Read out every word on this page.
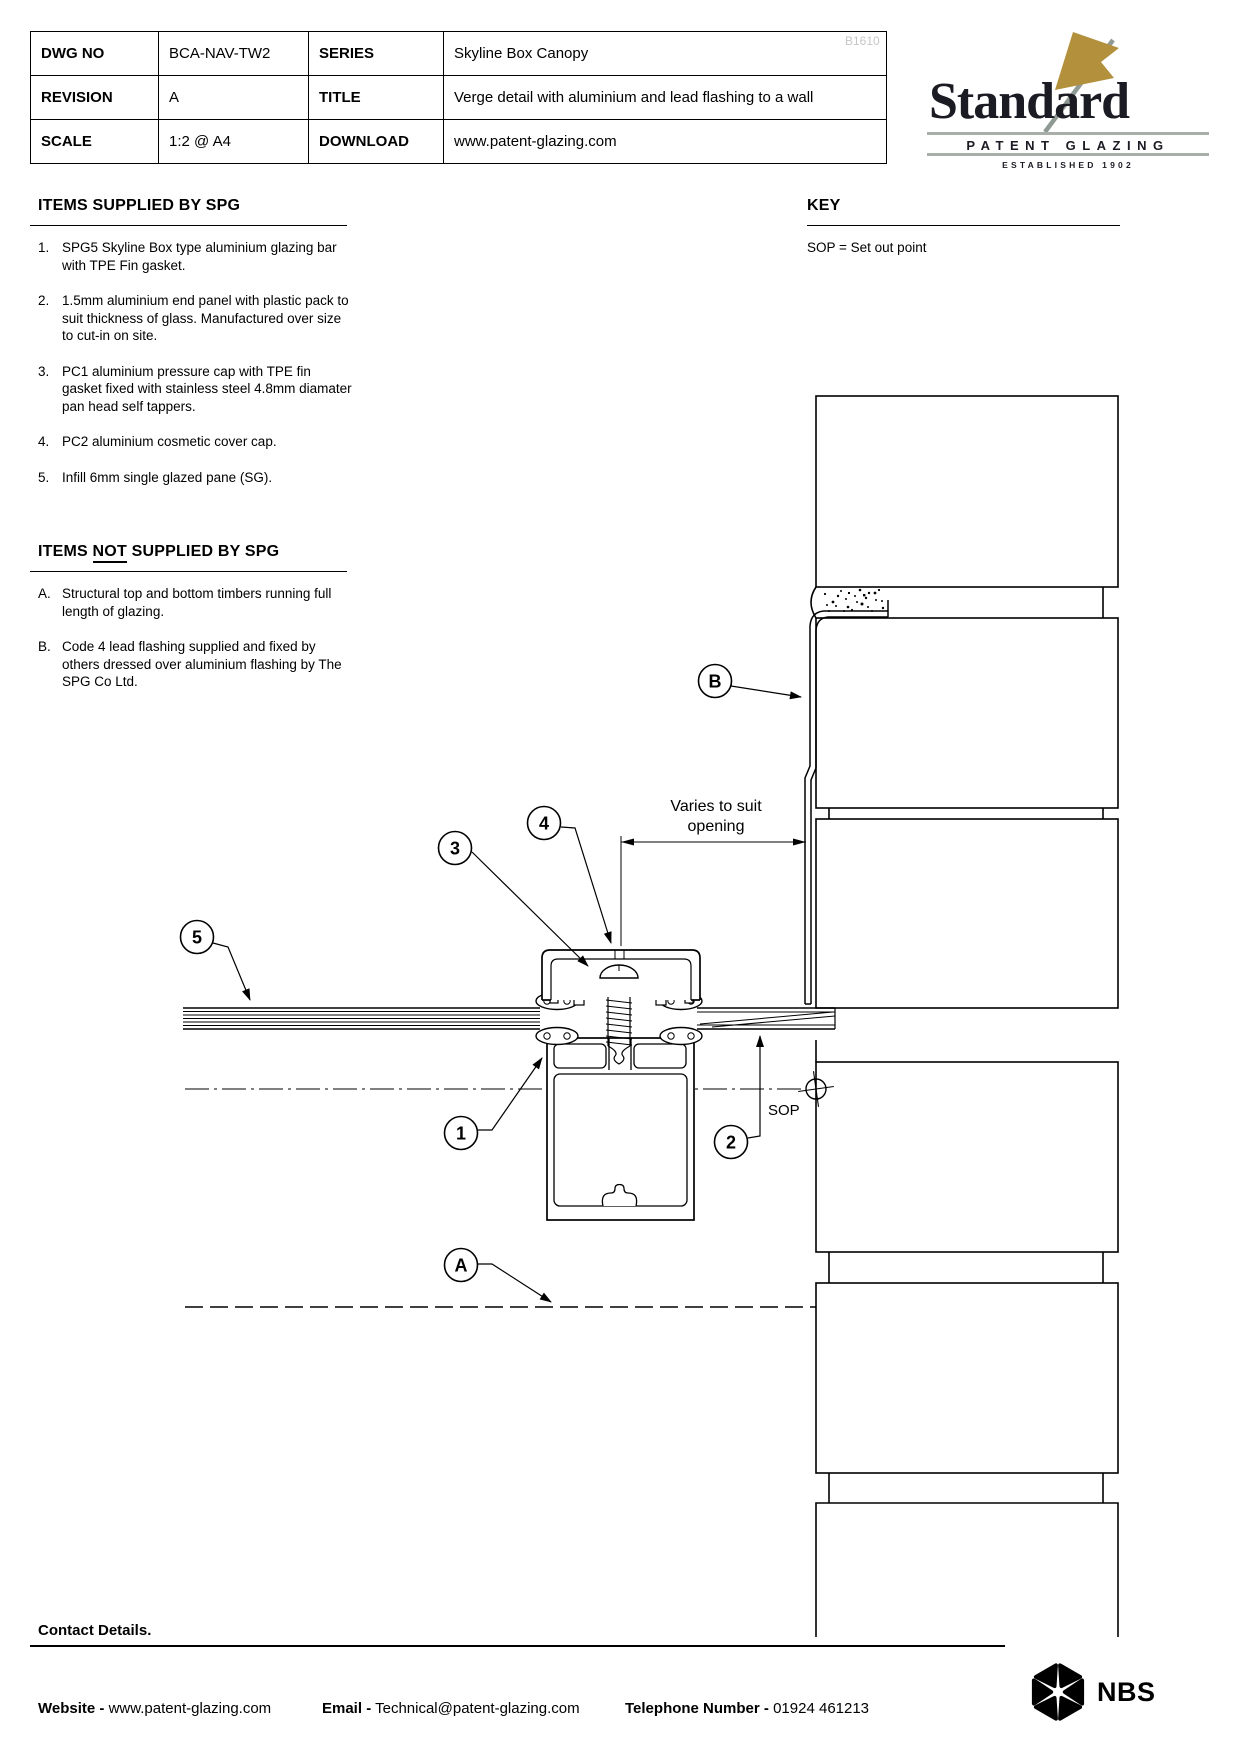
DWG NO	BCA-NAV-TW2	SERIES	Skyline Box Canopy
REVISION	A	TITLE	Verge detail with aluminium and lead flashing to a wall
SCALE	1:2 @ A4	DOWNLOAD	www.patent-glazing.com
B1610
Standard
PATENT GLAZING
ESTABLISHED 1902
ITEMS SUPPLIED BY SPG
1. SPG5 Skyline Box type aluminium glazing bar with TPE Fin gasket.
2. 1.5mm aluminium end panel with plastic pack to suit thickness of glass. Manufactured over size to cut-in on site.
3. PC1 aluminium pressure cap with TPE fin gasket fixed with stainless steel 4.8mm diamater pan head self tappers.
4. PC2 aluminium cosmetic cover cap.
5. Infill 6mm single glazed pane (SG).
ITEMS NOT SUPPLIED BY SPG
A. Structural top and bottom timbers running full length of glazing.
B. Code 4 lead flashing supplied and fixed by others dressed over aluminium flashing by The SPG Co Ltd.
KEY
SOP = Set out point
SOP
Varies to suit
opening
5
3
4
B
1	2
A
Contact Details.
Website - www.patent-glazing.com	Email - Technical@patent-glazing.com	Telephone Number - 01924 461213
NBS
